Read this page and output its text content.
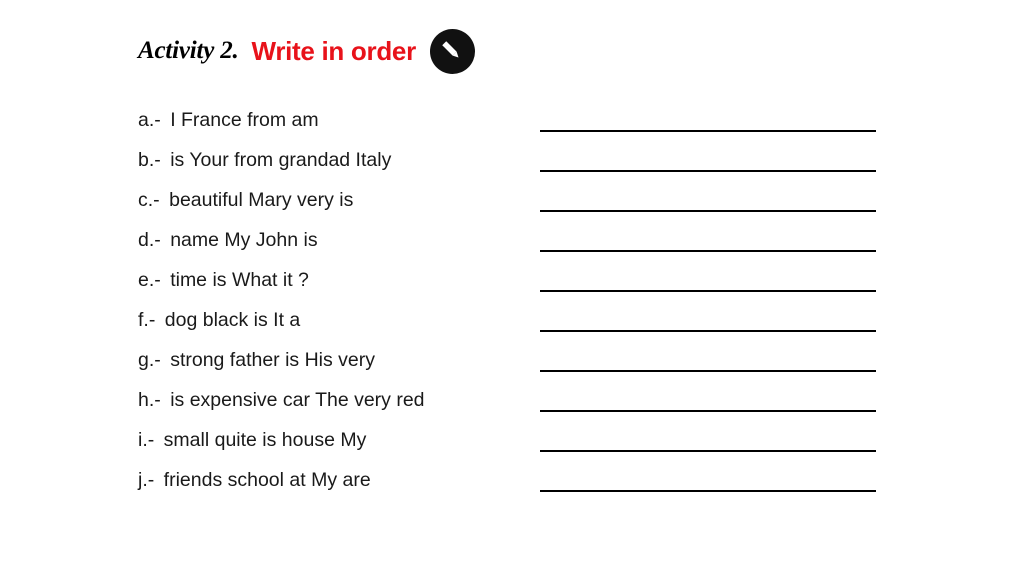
Activity 2. Write in order
a.- I France from am
b.- is Your from grandad Italy
c.- beautiful Mary very is
d.- name My John is
e.- time is What it ?
f.- dog black is It a
g.- strong father is His very
h.- is expensive car The very red
i.- small quite is house My
j.- friends school at My are
